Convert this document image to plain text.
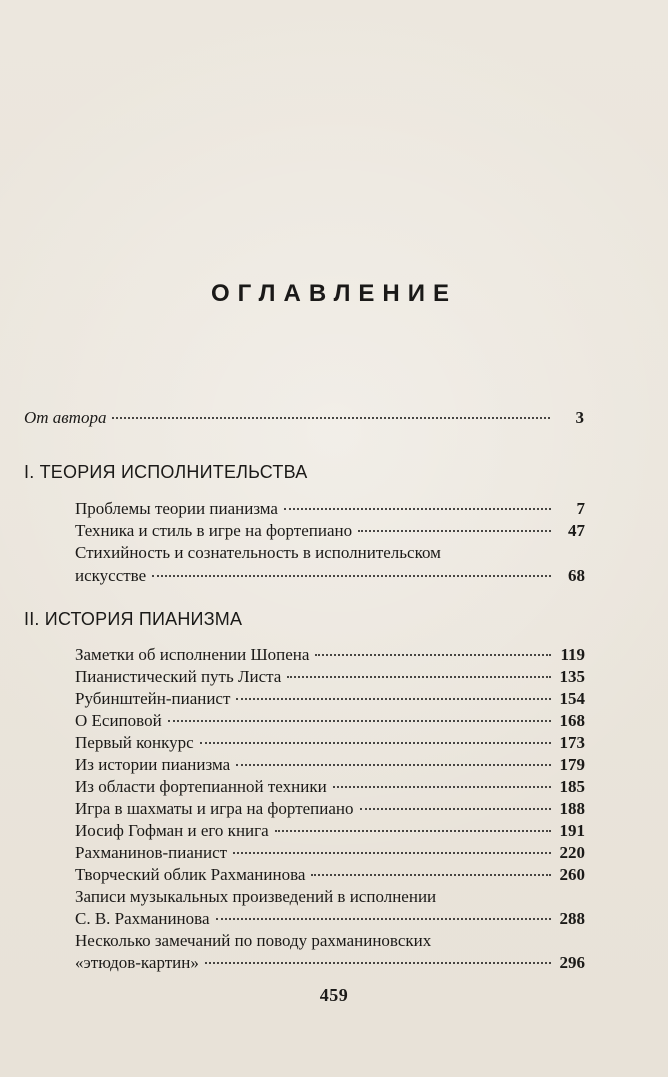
ОГЛАВЛЕНИЕ
От автора	3
I. ТЕОРИЯ ИСПОЛНИТЕЛЬСТВА
Проблемы теории пианизма	7
Техника и стиль в игре на фортепиано	47
Стихийность и сознательность в исполнительском
искусстве	68
II. ИСТОРИЯ ПИАНИЗМА
Заметки об исполнении Шопена	119
Пианистический путь Листа	135
Рубинштейн-пианист	154
О Есиповой	168
Первый конкурс	173
Из истории пианизма	179
Из области фортепианной техники	185
Игра в шахматы и игра на фортепиано	188
Иосиф Гофман и его книга	191
Рахманинов-пианист	220
Творческий облик Рахманинова	260
Записи музыкальных произведений в исполнении
С. В. Рахманинова	288
Несколько замечаний по поводу рахманиновских
«этюдов-картин»	296
459
